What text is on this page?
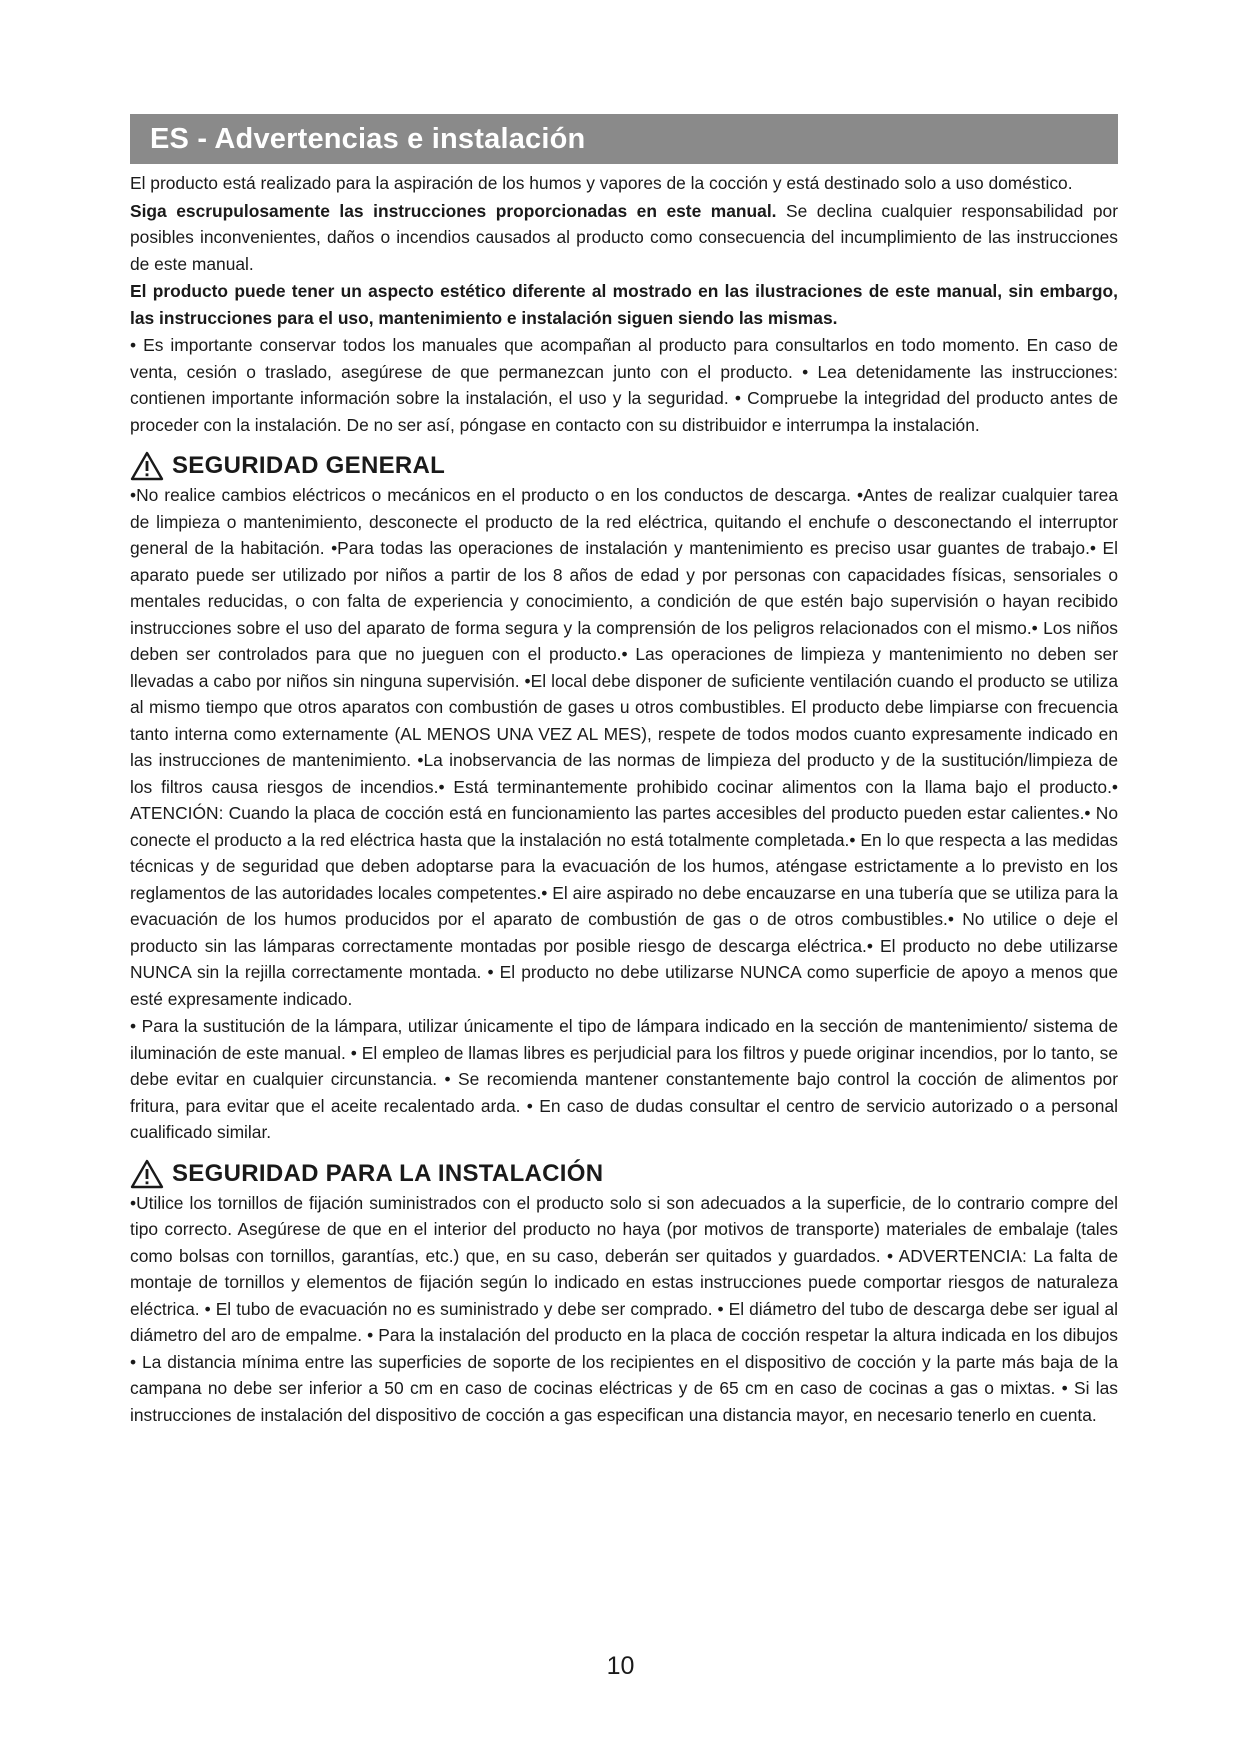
ES - Advertencias e instalación

El producto está realizado para la aspiración de los humos y vapores de la cocción y está destinado solo a uso doméstico.

Siga escrupulosamente las instrucciones proporcionadas en este manual. Se declina cualquier responsabilidad por posibles inconvenientes, daños o incendios causados al producto como consecuencia del incumplimiento de las instrucciones de este manual.

El producto puede tener un aspecto estético diferente al mostrado en las ilustraciones de este manual, sin embargo, las instrucciones para el uso, mantenimiento e instalación siguen siendo las mismas.

• Es importante conservar todos los manuales que acompañan al producto para consultarlos en todo momento. En caso de venta, cesión o traslado, asegúrese de que permanezcan junto con el producto. • Lea detenidamente las instrucciones: contienen importante información sobre la instalación, el uso y la seguridad. • Compruebe la integridad del producto antes de proceder con la instalación. De no ser así, póngase en contacto con su distribuidor e interrumpa la instalación.

SEGURIDAD GENERAL

•No realice cambios eléctricos o mecánicos en el producto o en los conductos de descarga. •Antes de realizar cualquier tarea de limpieza o mantenimiento, desconecte el producto de la red eléctrica, quitando el enchufe o desconectando el interruptor general de la habitación. •Para todas las operaciones de instalación y mantenimiento es preciso usar guantes de trabajo.• El aparato puede ser utilizado por niños a partir de los 8 años de edad y por personas con capacidades físicas, sensoriales o mentales reducidas, o con falta de experiencia y conocimiento, a condición de que estén bajo supervisión o hayan recibido instrucciones sobre el uso del aparato de forma segura y la comprensión de los peligros relacionados con el mismo.• Los niños deben ser controlados para que no jueguen con el producto.• Las operaciones de limpieza y mantenimiento no deben ser llevadas a cabo por niños sin ninguna supervisión. •El local debe disponer de suficiente ventilación cuando el producto se utiliza al mismo tiempo que otros aparatos con combustión de gases u otros combustibles. El producto debe limpiarse con frecuencia tanto interna como externamente (AL MENOS UNA VEZ AL MES), respete de todos modos cuanto expresamente indicado en las instrucciones de mantenimiento. •La inobservancia de las normas de limpieza del producto y de la sustitución/limpieza de los filtros causa riesgos de incendios.• Está terminantemente prohibido cocinar alimentos con la llama bajo el producto.• ATENCIÓN: Cuando la placa de cocción está en funcionamiento las partes accesibles del producto pueden estar calientes.• No conecte el producto a la red eléctrica hasta que la instalación no está totalmente completada.• En lo que respecta a las medidas técnicas y de seguridad que deben adoptarse para la evacuación de los humos, aténgase estrictamente a lo previsto en los reglamentos de las autoridades locales competentes.• El aire aspirado no debe encauzarse en una tubería que se utiliza para la evacuación de los humos producidos por el aparato de combustión de gas o de otros combustibles.• No utilice o deje el producto sin las lámparas correctamente montadas por posible riesgo de descarga eléctrica.• El producto no debe utilizarse NUNCA sin la rejilla correctamente montada. • El producto no debe utilizarse NUNCA como superficie de apoyo a menos que esté expresamente indicado.

• Para la sustitución de la lámpara, utilizar únicamente el tipo de lámpara indicado en la sección de mantenimiento/ sistema de iluminación de este manual. • El empleo de llamas libres es perjudicial para los filtros y puede originar incendios, por lo tanto, se debe evitar en cualquier circunstancia. • Se recomienda mantener constantemente bajo control la cocción de alimentos por fritura, para evitar que el aceite recalentado arda. • En caso de dudas consultar el centro de servicio autorizado o a personal cualificado similar.

SEGURIDAD PARA LA INSTALACIÓN

•Utilice los tornillos de fijación suministrados con el producto solo si son adecuados a la superficie, de lo contrario compre del tipo correcto. Asegúrese de que en el interior del producto no haya (por motivos de transporte) materiales de embalaje (tales como bolsas con tornillos, garantías, etc.) que, en su caso, deberán ser quitados y guardados. • ADVERTENCIA: La falta de montaje de tornillos y elementos de fijación según lo indicado en estas instrucciones puede comportar riesgos de naturaleza eléctrica. • El tubo de evacuación no es suministrado y debe ser comprado. • El diámetro del tubo de descarga debe ser igual al diámetro del aro de empalme. • Para la instalación del producto en la placa de cocción respetar la altura indicada en los dibujos • La distancia mínima entre las superficies de soporte de los recipientes en el dispositivo de cocción y la parte más baja de la campana no debe ser inferior a 50 cm en caso de cocinas eléctricas y de 65 cm en caso de cocinas a gas o mixtas. • Si las instrucciones de instalación del dispositivo de cocción a gas especifican una distancia mayor, en necesario tenerlo en cuenta.

10
